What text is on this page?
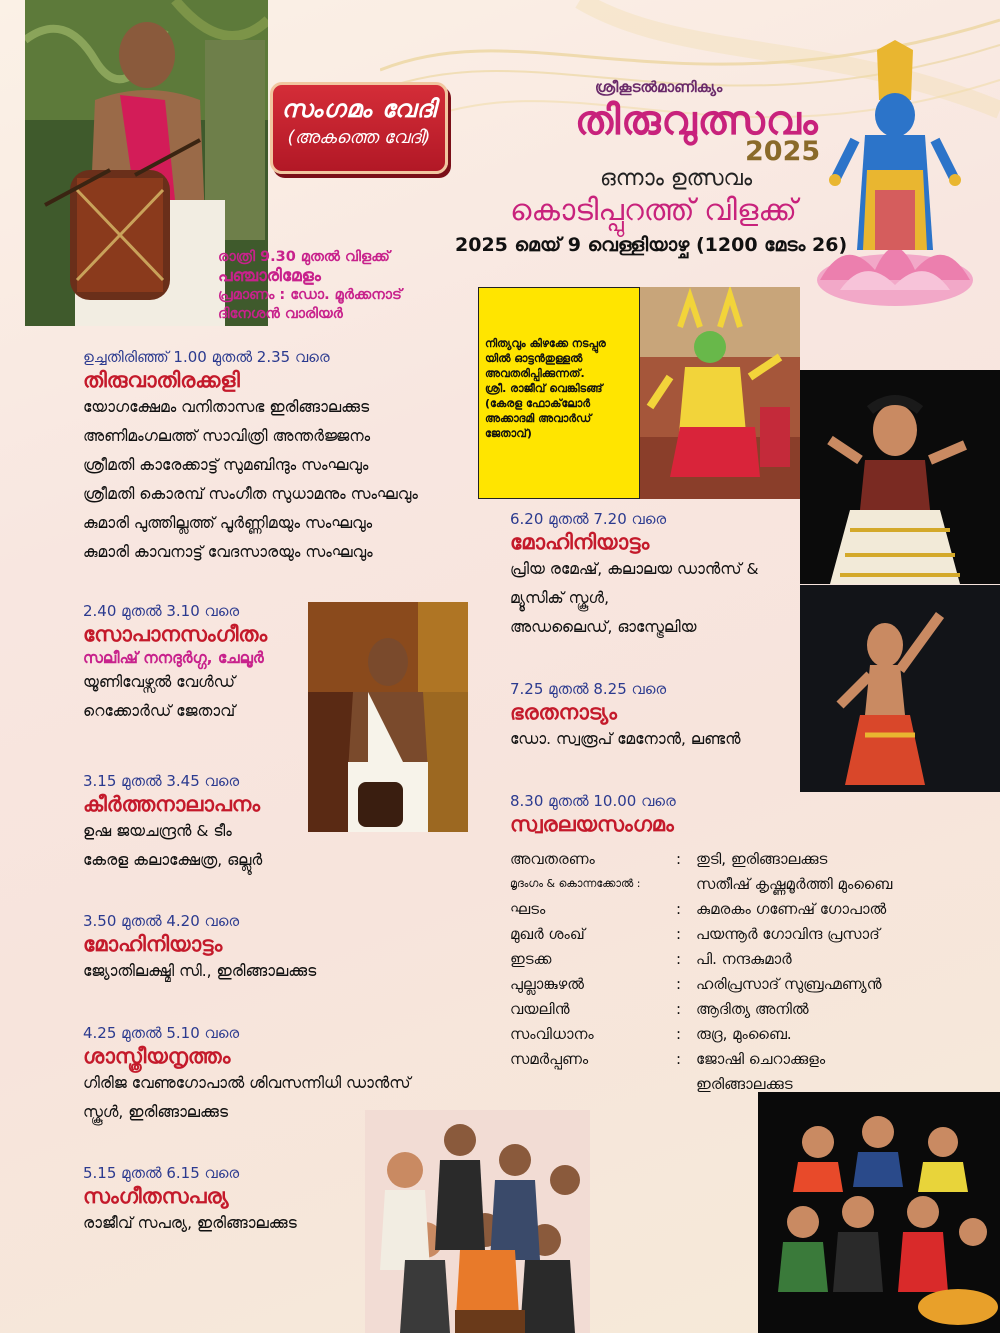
സംഗമം വേദി
(അകത്തെ വേദി)
ശ്രീകൂടൽമാണിക്യം
തിരുവുത്സവം
2025
ഒന്നാം ഉത്സവം
കൊടിപ്പുറത്ത് വിളക്ക്
2025 മെയ് 9 വെള്ളിയാഴ്ച (1200 മേടം 26)
രാത്രി 9.30 മുതൽ വിളക്ക്
പഞ്ചാരിമേളം
പ്രമാണം : ഡോ. മൂർക്കനാട്
ദിനേശൻ വാരിയർ
നിത്യവും കിഴക്കേ നടപ്പുര
യിൽ ഓട്ടൻതുള്ളൽ
അവതരിപ്പിക്കുന്നത്.
ശ്രീ. രാജീവ് വെങ്കിടങ്ങ്
(കേരള ഫോക്‌ലോർ
അക്കാദമി അവാർഡ്
ജേതാവ്)
ഉച്ചതിരിഞ്ഞ് 1.00 മുതൽ 2.35 വരെ
തിരുവാതിരക്കളി
യോഗക്ഷേമം വനിതാസഭ ഇരിങ്ങാലക്കുട
അണിമംഗലത്ത് സാവിത്രി അന്തർജ്ജനം
ശ്രീമതി കാരേക്കാട്ട് സുമബിന്ദും സംഘവും
ശ്രീമതി കൊരമ്പ് സംഗീത സുധാമനും സംഘവും
കുമാരി പുത്തില്ലത്ത് പൂർണ്ണിമയും സംഘവും
കുമാരി കാവനാട്ട് വേദസാരയും സംഘവും
2.40 മുതൽ 3.10 വരെ
സോപാനസംഗീതം
സലീഷ് നനദുർഗ്ഗ, ചേലൂർ
യൂണിവേഴ്സൽ വേൾഡ്
റെക്കോർഡ് ജേതാവ്
3.15 മുതൽ 3.45 വരെ
കീർത്തനാലാപനം
ഉഷ ജയചന്ദ്രൻ & ടീം
കേരള കലാക്ഷേത്ര, ഒല്ലൂർ
3.50 മുതൽ 4.20 വരെ
മോഹിനിയാട്ടം
ജ്യോതിലക്ഷ്മി സി., ഇരിങ്ങാലക്കുട
4.25 മുതൽ 5.10 വരെ
ശാസ്ത്രീയനൃത്തം
ഗിരിജ വേണുഗോപാൽ ശിവസന്നിധി ഡാൻസ്
സ്കൂൾ, ഇരിങ്ങാലക്കുട
5.15 മുതൽ 6.15 വരെ
സംഗീതസപര്യ
രാജീവ് സപര്യ, ഇരിങ്ങാലക്കുട
6.20 മുതൽ 7.20 വരെ
മോഹിനിയാട്ടം
പ്രിയ രമേഷ്, കലാലയ ഡാൻസ് &
മ്യൂസിക് സ്കൂൾ,
അഡലൈഡ്, ഓസ്ട്രേലിയ
7.25 മുതൽ 8.25 വരെ
ഭരതനാട്യം
ഡോ. സ്വരൂപ് മേനോൻ, ലണ്ടൻ
8.30 മുതൽ 10.00 വരെ
സ്വരലയസംഗമം
അവതരണം	: തുടി, ഇരിങ്ങാലക്കുട
മൃദംഗം & കൊന്നക്കോൽ :	സതീഷ് കൃഷ്ണമൂർത്തി മുംബൈ
ഘടം	: കുമരകം ഗണേഷ് ഗോപാൽ
മുഖർ ശംഖ്	: പയന്നൂർ ഗോവിന്ദ പ്രസാദ്
ഇടക്ക	: പി. നന്ദകുമാർ
പുല്ലാങ്കുഴൽ	: ഹരിപ്രസാദ് സുബ്രഹ്മണ്യൻ
വയലിൻ	: ആദിത്യ അനിൽ
സംവിധാനം	: രുദ്ര, മുംബൈ.
സമർപ്പണം	: ജോഷി ചെറാക്കുളം
ഇരിങ്ങാലക്കുട
